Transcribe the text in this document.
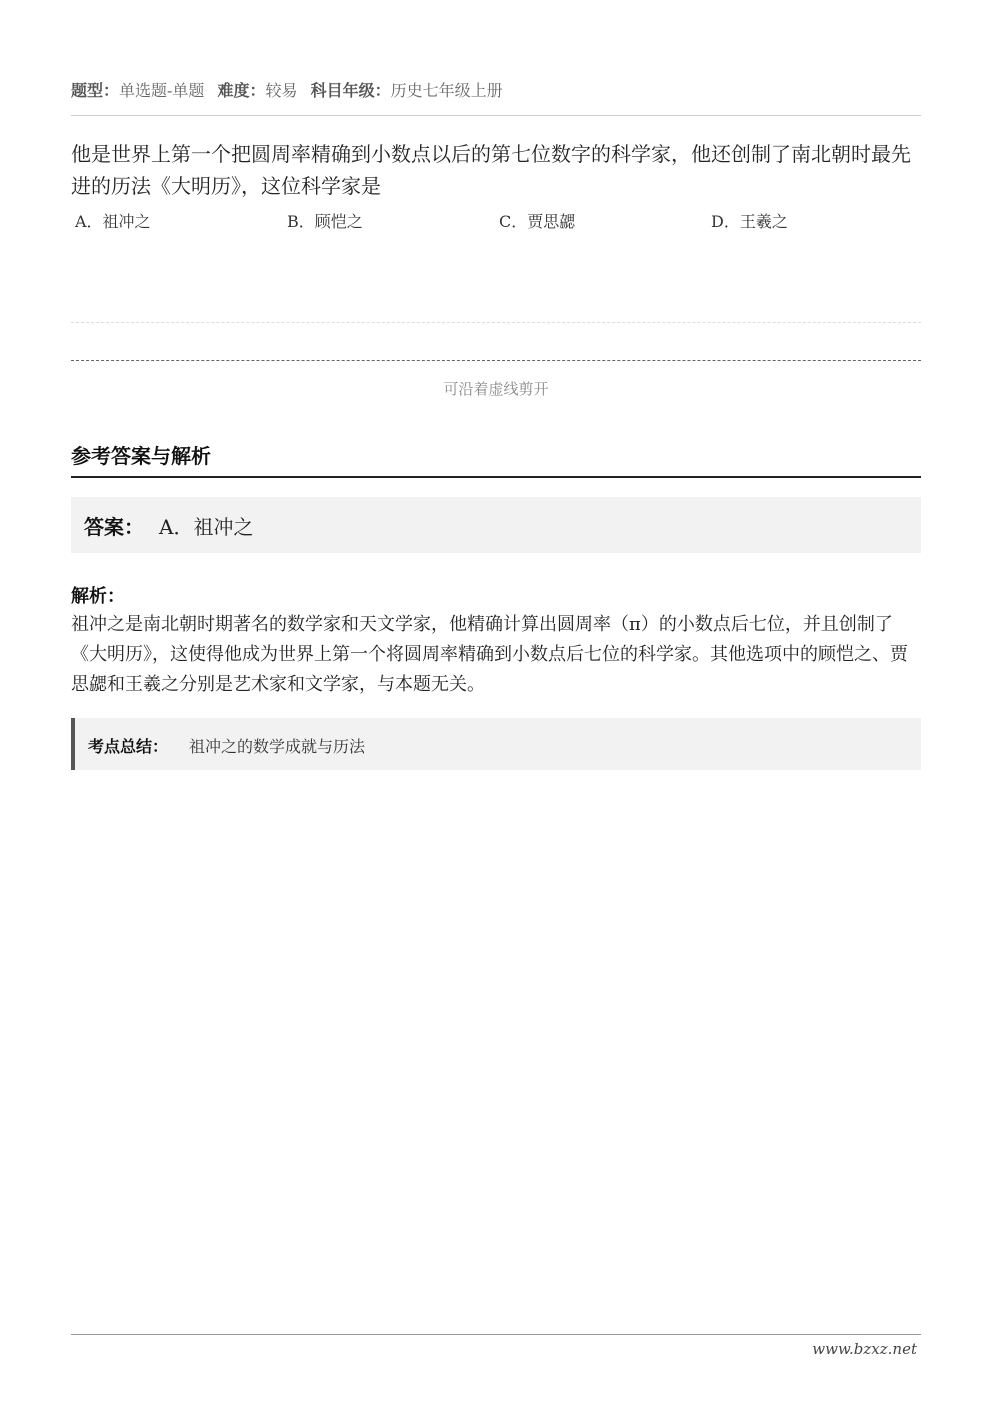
题型：单选题-单题 难度：较易 科目年级：历史七年级上册
他是世界上第一个把圆周率精确到小数点以后的第七位数字的科学家，他还创制了南北朝时最先进的历法《大明历》，这位科学家是
A．祖冲之	B．顾恺之	C．贾思勰	D．王羲之
可沿着虚线剪开
参考答案与解析
答案： A．祖冲之
解析：
祖冲之是南北朝时期著名的数学家和天文学家，他精确计算出圆周率（π）的小数点后七位，并且创制了《大明历》，这使得他成为世界上第一个将圆周率精确到小数点后七位的科学家。其他选项中的顾恺之、贾思勰和王羲之分别是艺术家和文学家，与本题无关。
考点总结： 祖冲之的数学成就与历法
www.bzxz.net
